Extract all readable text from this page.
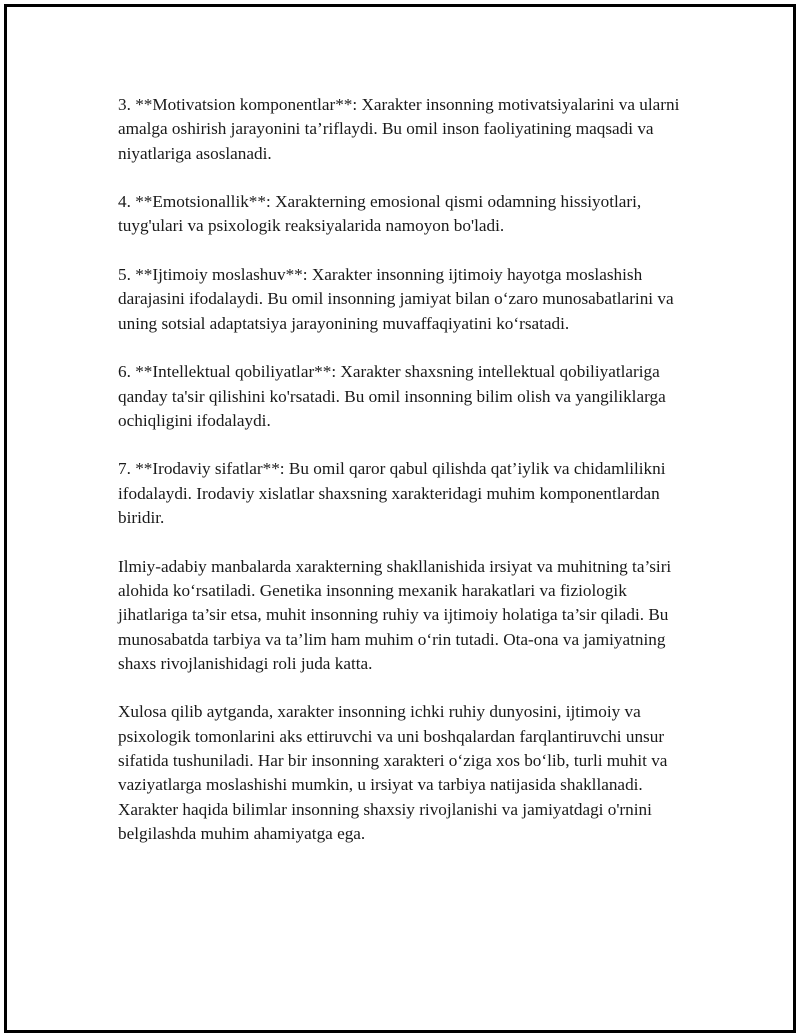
3. **Motivatsion komponentlar**: Xarakter insonning motivatsiyalarini va ularni amalga oshirish jarayonini ta’riflaydi. Bu omil inson faoliyatining maqsadi va niyatlariga asoslanadi.

4. **Emotsionallik**: Xarakterning emosional qismi odamning hissiyotlari, tuyg'ulari va psixologik reaksiyalarida namoyon bo'ladi.

5. **Ijtimoiy moslashuv**: Xarakter insonning ijtimoiy hayotga moslashish darajasini ifodalaydi. Bu omil insonning jamiyat bilan o‘zaro munosabatlarini va uning sotsial adaptatsiya jarayonining muvaffaqiyatini ko‘rsatadi.

6. **Intellektual qobiliyatlar**: Xarakter shaxsning intellektual qobiliyatlariga qanday ta'sir qilishini ko'rsatadi. Bu omil insonning bilim olish va yangiliklarga ochiqligini ifodalaydi.

7. **Irodaviy sifatlar**: Bu omil qaror qabul qilishda qat’iylik va chidamlilikni ifodalaydi. Irodaviy xislatlar shaxsning xarakteridagi muhim komponentlardan biridir.

Ilmiy-adabiy manbalarda xarakterning shakllanishida irsiyat va muhitning ta’siri alohida ko‘rsatiladi. Genetika insonning mexanik harakatlari va fiziologik jihatlariga ta’sir etsa, muhit insonning ruhiy va ijtimoiy holatiga ta’sir qiladi. Bu munosabatda tarbiya va ta’lim ham muhim o‘rin tutadi. Ota-ona va jamiyatning shaxs rivojlanishidagi roli juda katta.

Xulosa qilib aytganda, xarakter insonning ichki ruhiy dunyosini, ijtimoiy va psixologik tomonlarini aks ettiruvchi va uni boshqalardan farqlantiruvchi unsur sifatida tushuniladi. Har bir insonning xarakteri o‘ziga xos bo‘lib, turli muhit va vaziyatlarga moslashishi mumkin, u irsiyat va tarbiya natijasida shakllanadi. Xarakter haqida bilimlar insonning shaxsiy rivojlanishi va jamiyatdagi o'rnini belgilashda muhim ahamiyatga ega.
